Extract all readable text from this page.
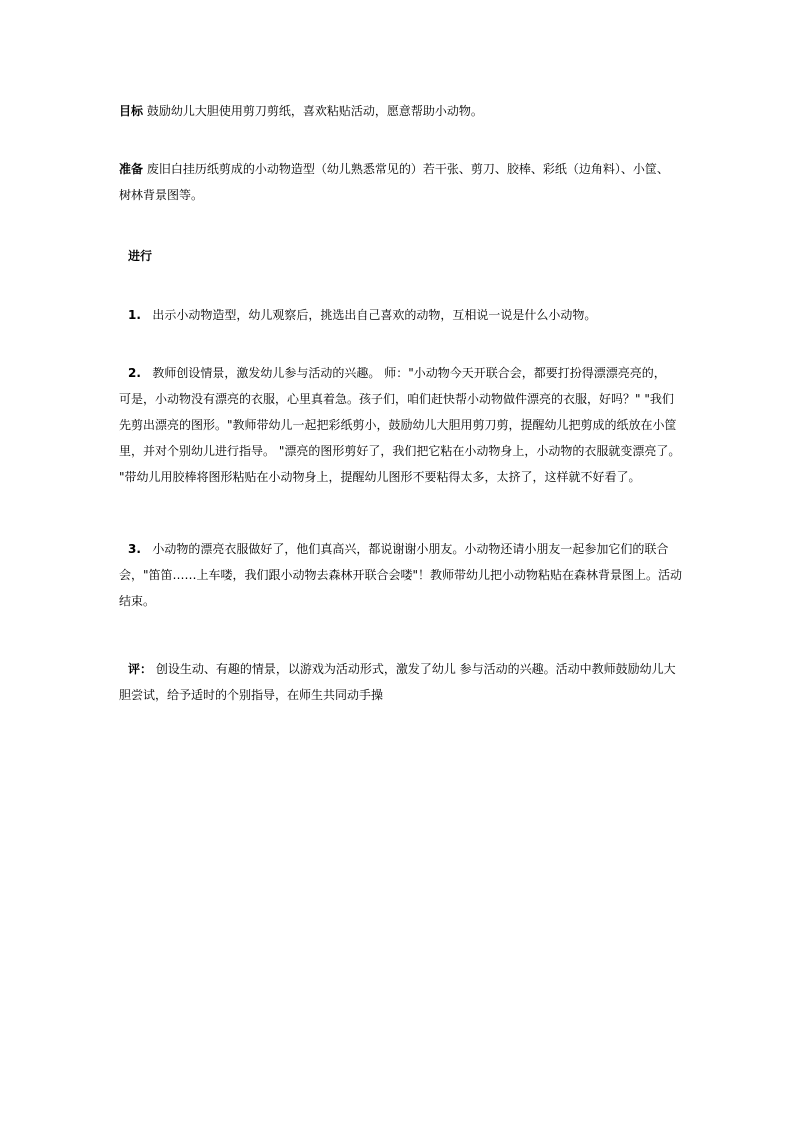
目标 鼓励幼儿大胆使用剪刀剪纸，喜欢粘贴活动，愿意帮助小动物。
准备 废旧白挂历纸剪成的小动物造型（幼儿熟悉常见的）若干张、剪刀、胶棒、彩纸（边角料）、小筐、
树林背景图等。
进行
1. 出示小动物造型，幼儿观察后，挑选出自己喜欢的动物，互相说一说是什么小动物。
2. 教师创设情景，激发幼儿参与活动的兴趣。 师："小动物今天开联合会，都要打扮得漂漂亮亮的，
可是，小动物没有漂亮的衣服，心里真着急。孩子们，咱们赶快帮小动物做件漂亮的衣服，好吗？" "我们
先剪出漂亮的图形。"教师带幼儿一起把彩纸剪小，鼓励幼儿大胆用剪刀剪，提醒幼儿把剪成的纸放在小筐
里，并对个别幼儿进行指导。 "漂亮的图形剪好了，我们把它粘在小动物身上，小动物的衣服就变漂亮了。
"带幼儿用胶棒将图形粘贴在小动物身上，提醒幼儿图形不要粘得太多，太挤了，这样就不好看了。
3. 小动物的漂亮衣服做好了，他们真高兴，都说谢谢小朋友。小动物还请小朋友一起参加它们的联合
会，"笛笛……上车喽，我们跟小动物去森林开联合会喽"！教师带幼儿把小动物粘贴在森林背景图上。活动
结束。
评： 创设生动、有趣的情景，以游戏为活动形式，激发了幼儿 参与活动的兴趣。活动中教师鼓励幼儿大
胆尝试，给予适时的个别指导，在师生共同动手操
